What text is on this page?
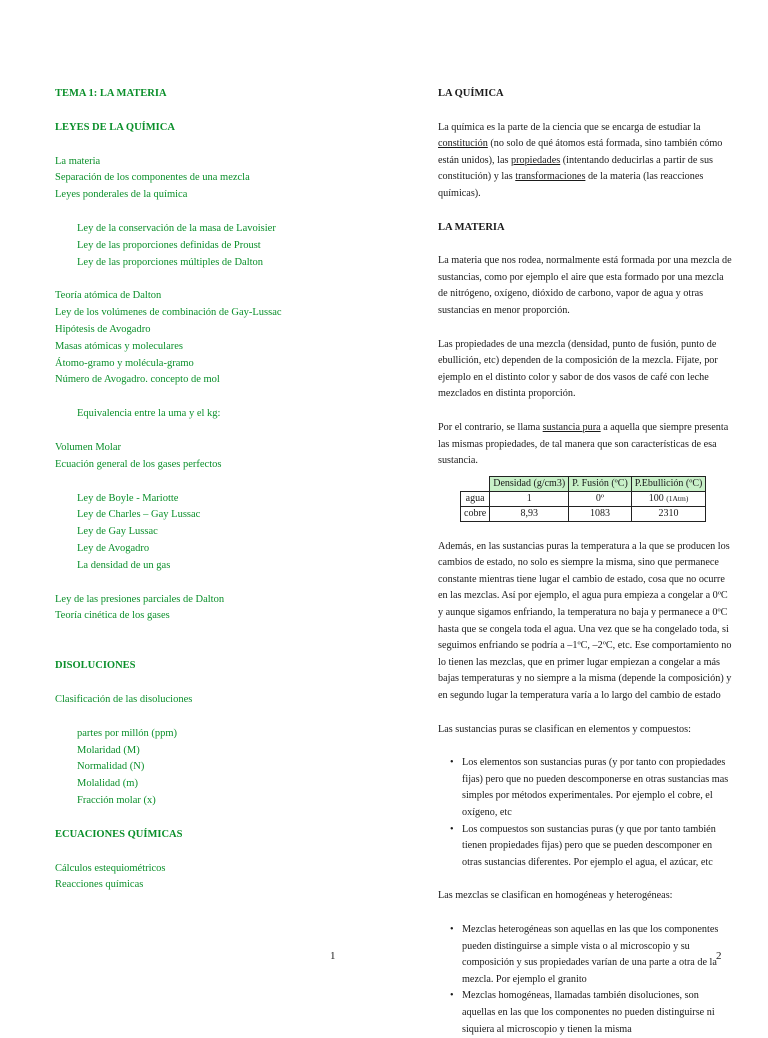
TEMA 1: LA MATERIA
LEYES DE LA QUÍMICA
La materia
Separación de los componentes de una mezcla
Leyes ponderales de la química
Ley de la conservación de la masa de Lavoisier
Ley de las proporciones definidas de Proust
Ley de las proporciones múltiples de Dalton
Teoría atómica de Dalton
Ley de los volúmenes de combinación de Gay-Lussac
Hipótesis de Avogadro
Masas atómicas y moleculares
Átomo-gramo y molécula-gramo
Número de Avogadro. concepto de mol
Equivalencia entre la uma y el kg:
Volumen Molar
Ecuación general de los gases perfectos
Ley de Boyle - Mariotte
Ley de Charles – Gay Lussac
Ley de Gay Lussac
Ley de Avogadro
La densidad de un gas
Ley de las presiones parciales de Dalton
Teoría cinética de los gases
DISOLUCIONES
Clasificación de las disoluciones
partes por millón (ppm)
Molaridad (M)
Normalidad (N)
Molalidad (m)
Fracción molar (x)
ECUACIONES QUÍMICAS
Cálculos estequiométricos
Reacciones químicas
1
LA QUÍMICA

La química es la parte de la ciencia que se encarga de estudiar la constitución (no solo de qué átomos está formada, sino también cómo están unidos), las propiedades (intentando deducirlas a partir de sus constitución) y las transformaciones de la materia (las reacciones químicas).

LA MATERIA

La materia que nos rodea, normalmente está formada por una mezcla de sustancias, como por ejemplo el aire que esta formado por una mezcla de nitrógeno, oxígeno, dióxido de carbono, vapor de agua y otras sustancias en menor proporción.

Las propiedades de una mezcla (densidad, punto de fusión, punto de ebullición, etc) dependen de la composición de la mezcla. Fíjate, por ejemplo en el distinto color y sabor de dos vasos de café con leche mezclados en distinta proporción.

Por el contrario, se llama sustancia pura a aquella que siempre presenta las mismas propiedades, de tal manera que son características de esa sustancia.

	Densidad (g/cm3)	P. Fusión (ºC)	P.Ebullición (ºC)
agua	1	0º	100 (1Atm)
cobre	8,93	1083	2310

Además, en las sustancias puras la temperatura a la que se producen los cambios de estado, no solo es siempre la misma, sino que permanece constante mientras tiene lugar el cambio de estado, cosa que no ocurre en las mezclas. Así por ejemplo, el agua pura empieza a congelar a 0ºC y aunque sigamos enfriando, la temperatura no baja y permanece a 0ºC hasta que se congela toda el agua. Una vez que se ha congelado toda, si seguimos enfriando se podría a –1ºC, –2ºC, etc. Ese comportamiento no lo tienen las mezclas, que en primer lugar empiezan a congelar a más bajas temperaturas y no siempre a la misma (depende la composición) y en segundo lugar la temperatura varía a lo largo del cambio de estado

Las sustancias puras se clasifican en elementos y compuestos:

• Los elementos son sustancias puras (y por tanto con propiedades fijas) pero que no pueden descomponerse en otras sustancias mas simples por métodos experimentales. Por ejemplo el cobre, el oxígeno, etc
• Los compuestos son sustancias puras (y que por tanto también tienen propiedades fijas) pero que se pueden descomponer en otras sustancias diferentes. Por ejemplo el agua, el azúcar, etc

Las mezclas se clasifican en homogéneas y heterogéneas:

• Mezclas heterogéneas son aquellas en las que los componentes pueden distinguirse a simple vista o al microscopio y su composición y sus propiedades varían de una parte a otra de la mezcla. Por ejemplo el granito
• Mezclas homogéneas, llamadas también disoluciones, son aquellas en las que los componentes no pueden distinguirse ni siquiera al microscopio y tienen la misma
2
